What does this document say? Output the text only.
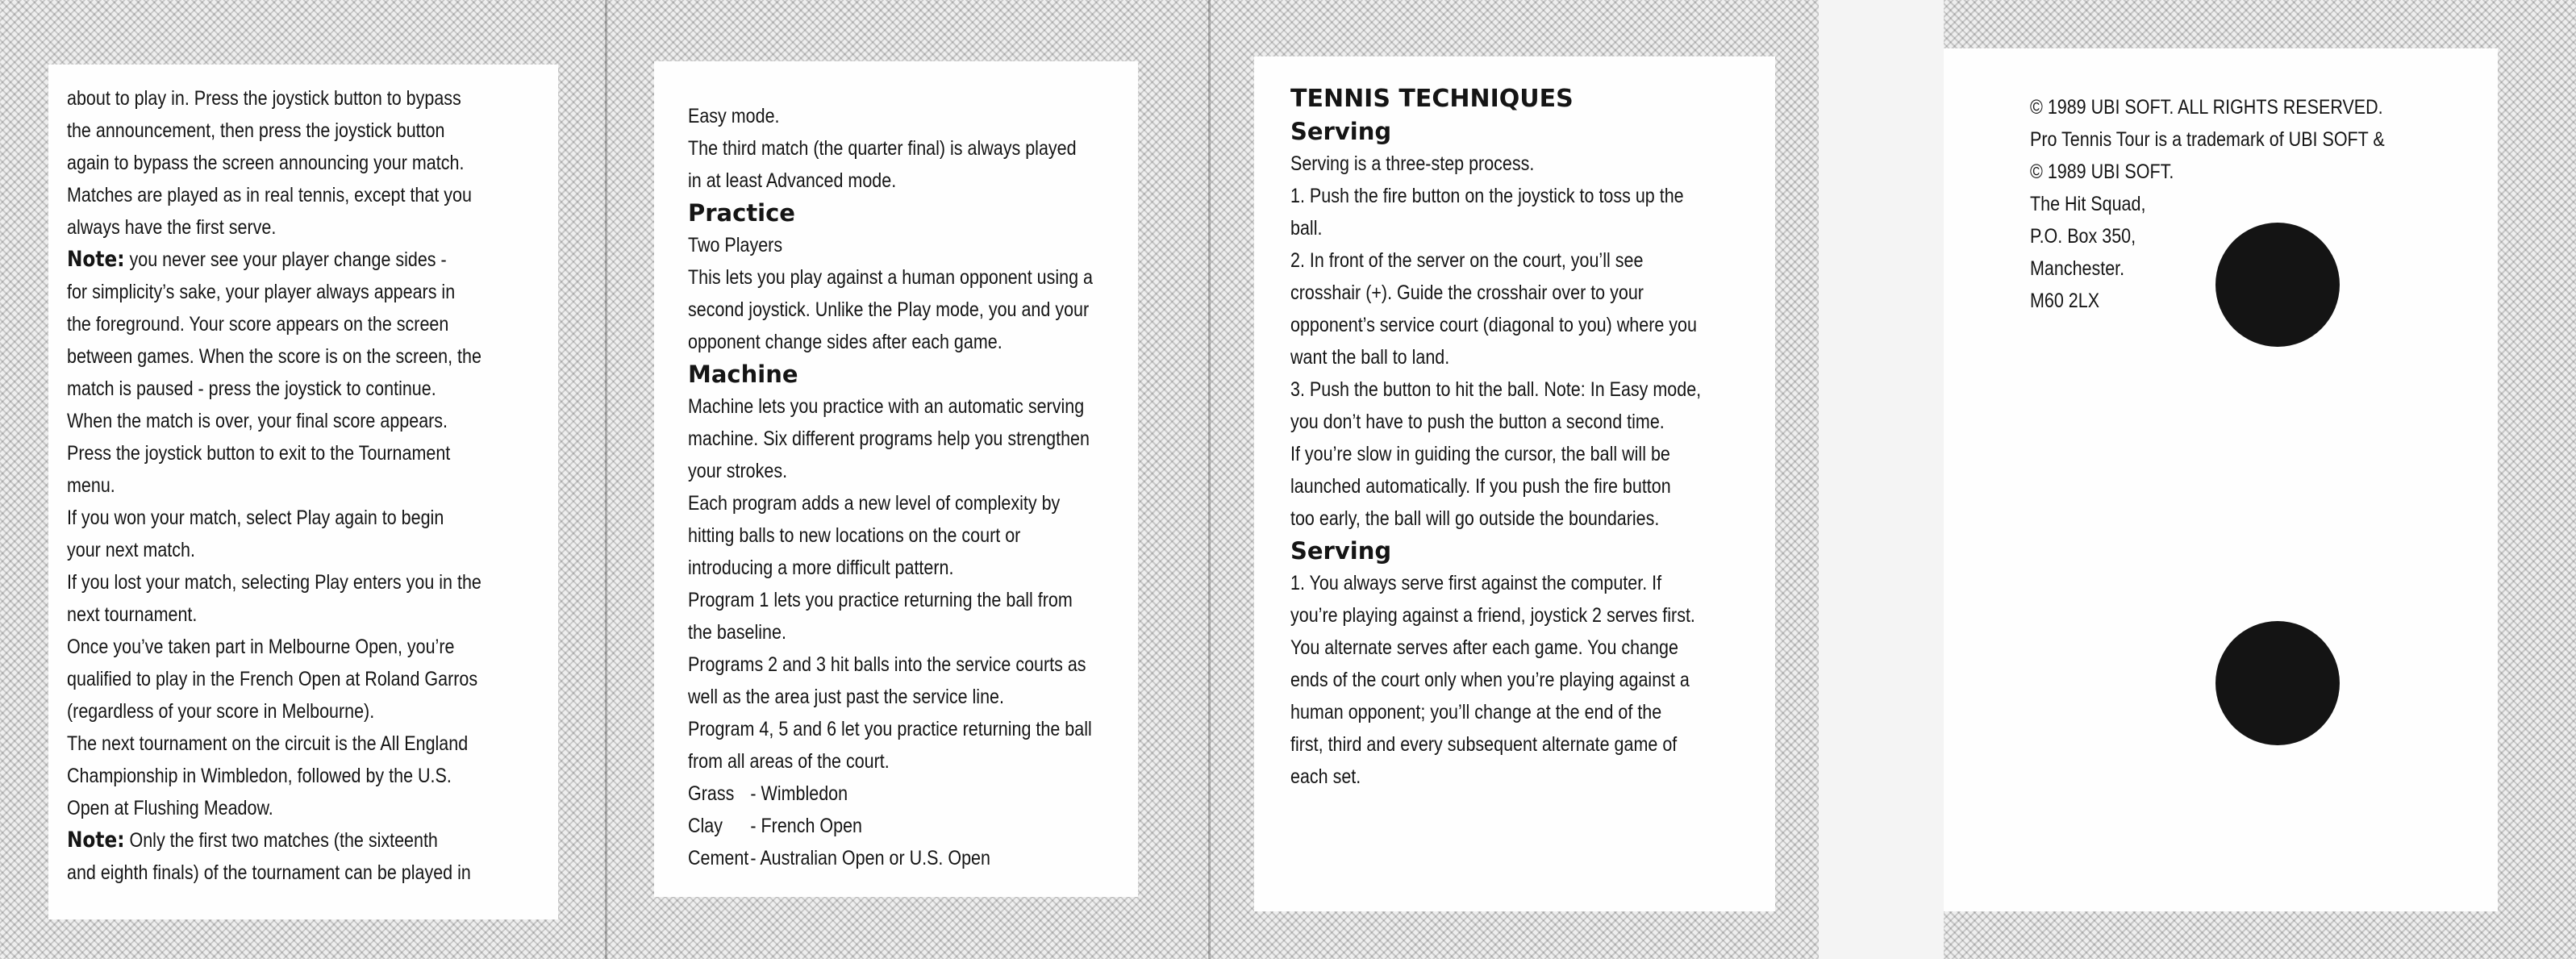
about to play in. Press the joystick button to bypass
the announcement, then press the joystick button
again to bypass the screen announcing your match.
Matches are played as in real tennis, except that you
always have the first serve.
Note: you never see your player change sides -
for simplicity’s sake, your player always appears in
the foreground. Your score appears on the screen
between games. When the score is on the screen, the
match is paused - press the joystick to continue.
When the match is over, your final score appears.
Press the joystick button to exit to the Tournament
menu.
If you won your match, select Play again to begin
your next match.
If you lost your match, selecting Play enters you in the
next tournament.
Once you’ve taken part in Melbourne Open, you’re
qualified to play in the French Open at Roland Garros
(regardless of your score in Melbourne).
The next tournament on the circuit is the All England
Championship in Wimbledon, followed by the U.S.
Open at Flushing Meadow.
Note: Only the first two matches (the sixteenth
and eighth finals) of the tournament can be played in
Easy mode.
The third match (the quarter final) is always played
in at least Advanced mode.
Practice
Two Players
This lets you play against a human opponent using a
second joystick. Unlike the Play mode, you and your
opponent change sides after each game.
Machine
Machine lets you practice with an automatic serving
machine. Six different programs help you strengthen
your strokes.
Each program adds a new level of complexity by
hitting balls to new locations on the court or
introducing a more difficult pattern.
Program 1 lets you practice returning the ball from
the baseline.
Programs 2 and 3 hit balls into the service courts as
well as the area just past the service line.
Program 4, 5 and 6 let you practice returning the ball
from all areas of the court.
Grass - Wimbledon
Clay - French Open
Cement- Australian Open or U.S. Open
TENNIS TECHNIQUES
Serving
Serving is a three-step process.
1. Push the fire button on the joystick to toss up the
ball.
2. In front of the server on the court, you’ll see
crosshair (+). Guide the crosshair over to your
opponent’s service court (diagonal to you) where you
want the ball to land.
3. Push the button to hit the ball. Note: In Easy mode,
you don’t have to push the button a second time.
If you’re slow in guiding the cursor, the ball will be
launched automatically. If you push the fire button
too early, the ball will go outside the boundaries.
Serving
1. You always serve first against the computer. If
you’re playing against a friend, joystick 2 serves first.
You alternate serves after each game. You change
ends of the court only when you’re playing against a
human opponent; you’ll change at the end of the
first, third and every subsequent alternate game of
each set.
© 1989 UBI SOFT. ALL RIGHTS RESERVED.
Pro Tennis Tour is a trademark of UBI SOFT &
© 1989 UBI SOFT.
The Hit Squad,
P.O. Box 350,
Manchester.
M60 2LX
